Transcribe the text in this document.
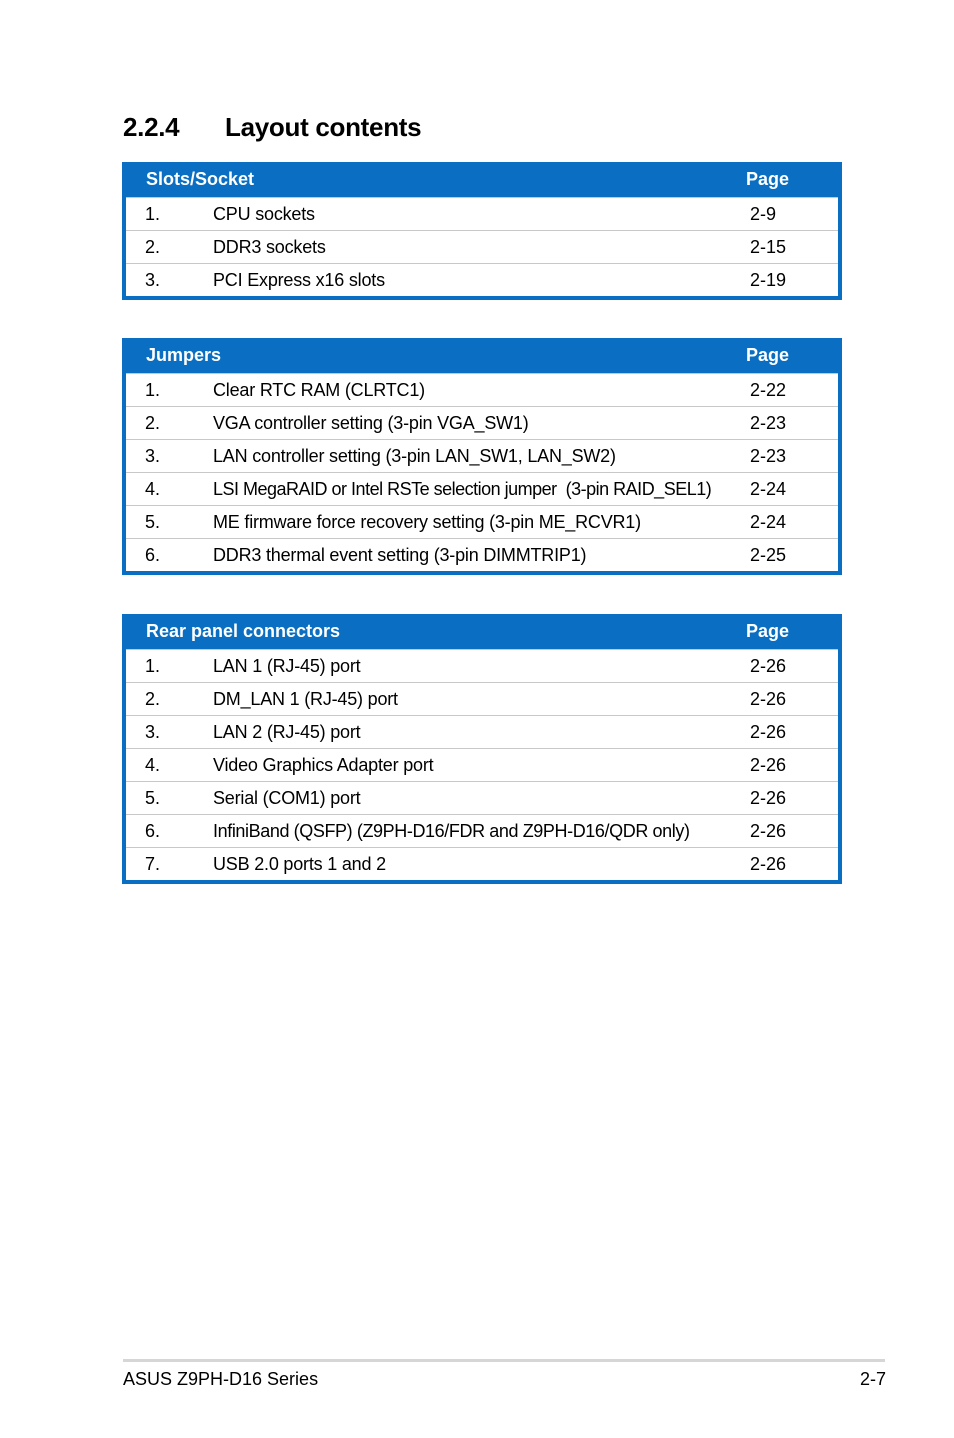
2.2.4 Layout contents
Slots/Socket	Page
1.	CPU sockets	2-9
2.	DDR3 sockets	2-15
3.	PCI Express x16 slots	2-19
Jumpers	Page
1.	Clear RTC RAM (CLRTC1)	2-22
2.	VGA controller setting (3-pin VGA_SW1)	2-23
3.	LAN controller setting (3-pin LAN_SW1, LAN_SW2)	2-23
4.	LSI MegaRAID or Intel RSTe selection jumper  (3-pin RAID_SEL1)	2-24
5.	ME firmware force recovery setting (3-pin ME_RCVR1)	2-24
6.	DDR3 thermal event setting (3-pin DIMMTRIP1)	2-25
Rear panel connectors	Page
1.	LAN 1 (RJ-45) port	2-26
2.	DM_LAN 1 (RJ-45) port	2-26
3.	LAN 2 (RJ-45) port	2-26
4.	Video Graphics Adapter port	2-26
5.	Serial (COM1) port	2-26
6.	InfiniBand (QSFP) (Z9PH-D16/FDR and Z9PH-D16/QDR only)	2-26
7.	USB 2.0 ports 1 and 2	2-26
ASUS Z9PH-D16 Series	2-7
